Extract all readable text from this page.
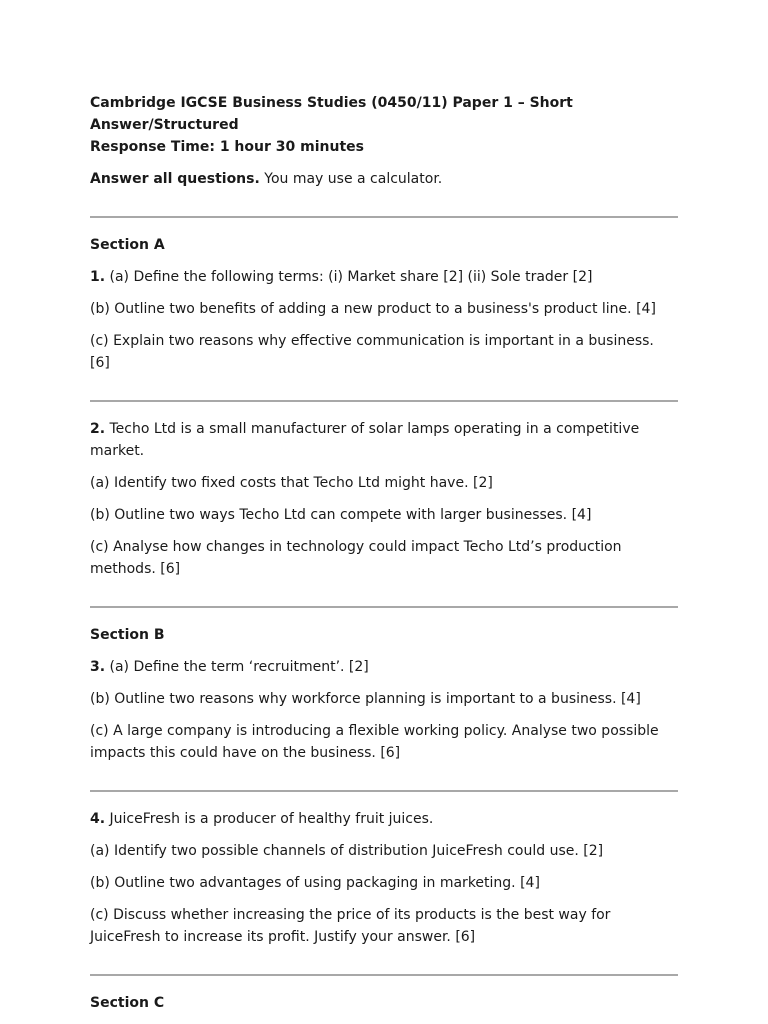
Cambridge IGCSE Business Studies (0450/11) Paper 1 – Short Answer/Structured

Response Time: 1 hour 30 minutes

Answer all questions. You may use a calculator.

Section A

1. (a) Define the following terms: (i) Market share [2] (ii) Sole trader [2]

(b) Outline two benefits of adding a new product to a business's product line. [4]

(c) Explain two reasons why effective communication is important in a business. [6]

2. Techo Ltd is a small manufacturer of solar lamps operating in a competitive market.

(a) Identify two fixed costs that Techo Ltd might have. [2]

(b) Outline two ways Techo Ltd can compete with larger businesses. [4]

(c) Analyse how changes in technology could impact Techo Ltd’s production methods. [6]

Section B

3. (a) Define the term ‘recruitment’. [2]

(b) Outline two reasons why workforce planning is important to a business. [4]

(c) A large company is introducing a flexible working policy. Analyse two possible impacts this could have on the business. [6]

4. JuiceFresh is a producer of healthy fruit juices.

(a) Identify two possible channels of distribution JuiceFresh could use. [2]

(b) Outline two advantages of using packaging in marketing. [4]

(c) Discuss whether increasing the price of its products is the best way for JuiceFresh to increase its profit. Justify your answer. [6]

Section C
